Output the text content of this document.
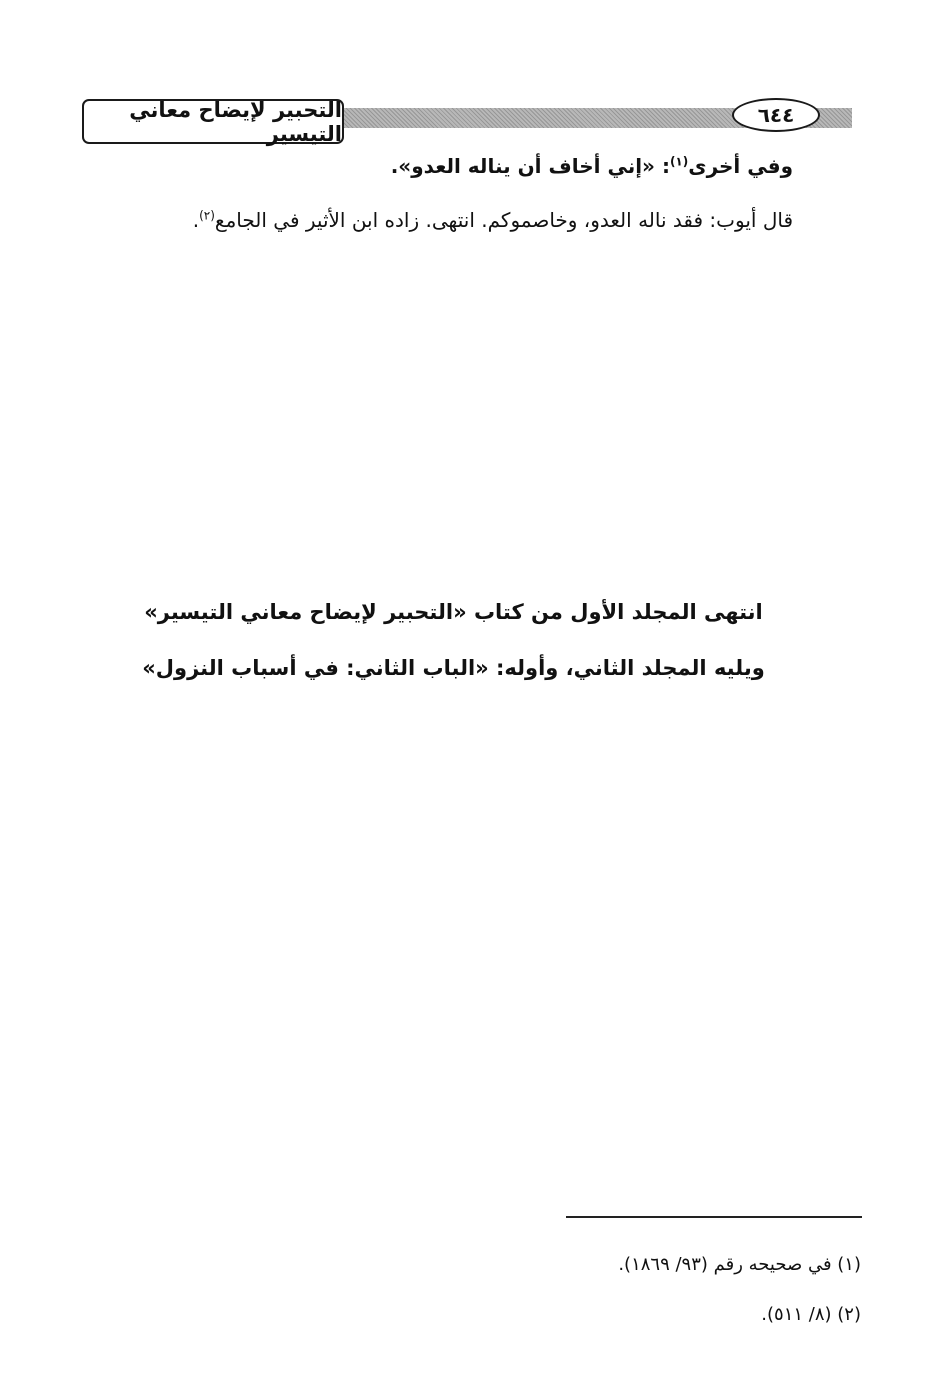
التحبير لإيضاح معاني التيسير
٦٤٤
وفي أخرى$^{(١)}$: «إني أخاف أن يناله العدو».
قال أيوب: فقد ناله العدو، وخاصموكم. انتهى. زاده ابن الأثير في الجامع$^{(٢)}$.
انتهى المجلد الأول من كتاب «التحبير لإيضاح معاني التيسير»
ويليه المجلد الثاني، وأوله: «الباب الثاني: في أسباب النزول»
(١) في صحيحه رقم (٩٣/ ١٨٦٩).
(٢) (٨/ ٥١١).
